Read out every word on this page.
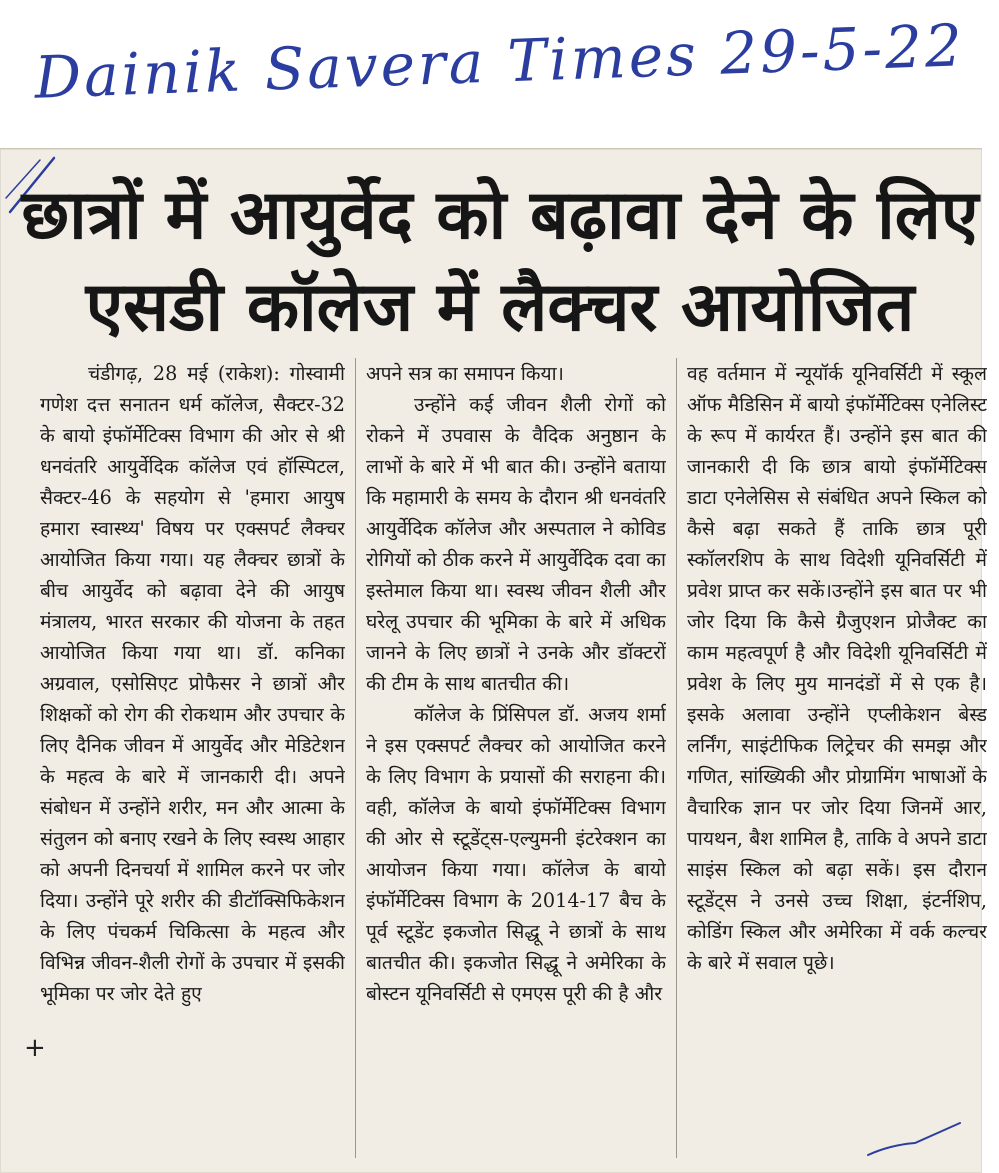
Dainik Savera Times 29-5-22
छात्रों में आयुर्वेद को बढ़ावा देने के लिए
एसडी कॉलेज में लैक्चर आयोजित

चंडीगढ़, 28 मई (राकेश): गोस्वामी गणेश दत्त सनातन धर्म कॉलेज, सैक्टर-32 के बायो इंफॉर्मेटिक्स विभाग की ओर से श्री धनवंतरि आयुर्वेदिक कॉलेज एवं हॉस्पिटल, सैक्टर-46 के सहयोग से 'हमारा आयुष हमारा स्वास्थ्य' विषय पर एक्सपर्ट लैक्चर आयोजित किया गया। यह लैक्चर छात्रों के बीच आयुर्वेद को बढ़ावा देने की आयुष मंत्रालय, भारत सरकार की योजना के तहत आयोजित किया गया था। डॉ. कनिका अग्रवाल, एसोसिएट प्रोफैसर ने छात्रों और शिक्षकों को रोग की रोकथाम और उपचार के लिए दैनिक जीवन में आयुर्वेद और मेडिटेशन के महत्व के बारे में जानकारी दी। अपने संबोधन में उन्होंने शरीर, मन और आत्मा के संतुलन को बनाए रखने के लिए स्वस्थ आहार को अपनी दिनचर्या में शामिल करने पर जोर दिया। उन्होंने पूरे शरीर की डीटॉक्सिफिकेशन के लिए पंचकर्म चिकित्सा के महत्व और विभिन्न जीवन-शैली रोगों के उपचार में इसकी भूमिका पर जोर देते हुए

अपने सत्र का समापन किया।

उन्होंने कई जीवन शैली रोगों को रोकने में उपवास के वैदिक अनुष्ठान के लाभों के बारे में भी बात की। उन्होंने बताया कि महामारी के समय के दौरान श्री धनवंतरि आयुर्वेदिक कॉलेज और अस्पताल ने कोविड रोगियों को ठीक करने में आयुर्वेदिक दवा का इस्तेमाल किया था। स्वस्थ जीवन शैली और घरेलू उपचार की भूमिका के बारे में अधिक जानने के लिए छात्रों ने उनके और डॉक्टरों की टीम के साथ बातचीत की।

कॉलेज के प्रिंसिपल डॉ. अजय शर्मा ने इस एक्सपर्ट लैक्चर को आयोजित करने के लिए विभाग के प्रयासों की सराहना की।वही, कॉलेज के बायो इंफॉर्मेटिक्स विभाग की ओर से स्टूडेंट्स-एल्युमनी इंटरेक्शन का आयोजन किया गया। कॉलेज के बायो इंफॉर्मेटिक्स विभाग के 2014-17 बैच के पूर्व स्टूडेंट इकजोत सिद्धू ने छात्रों के साथ बातचीत की। इकजोत सिद्धू ने अमेरिका के बोस्टन यूनिवर्सिटी से एमएस पूरी की है और

वह वर्तमान में न्यूयॉर्क यूनिवर्सिटी में स्कूल ऑफ मैडिसिन में बायो इंफॉर्मेटिक्स एनेलिस्ट के रूप में कार्यरत हैं। उन्होंने इस बात की जानकारी दी कि छात्र बायो इंफॉर्मेटिक्स डाटा एनेलेसिस से संबंधित अपने स्किल को कैसे बढ़ा सकते हैं ताकि छात्र पूरी स्कॉलरशिप के साथ विदेशी यूनिवर्सिटी में प्रवेश प्राप्त कर सकें।उन्होंने इस बात पर भी जोर दिया कि कैसे ग्रैजुएशन प्रोजैक्ट का काम महत्वपूर्ण है और विदेशी यूनिवर्सिटी में प्रवेश के लिए मुय मानदंडों में से एक है। इसके अलावा उन्होंने एप्लीकेशन बेस्ड लर्निंग, साइंटीफिक लिट्रेचर की समझ और गणित, सांख्यिकी और प्रोग्रामिंग भाषाओं के वैचारिक ज्ञान पर जोर दिया जिनमें आर, पायथन, बैश शामिल है, ताकि वे अपने डाटा साइंस स्किल को बढ़ा सकें। इस दौरान स्टूडेंट्स ने उनसे उच्च शिक्षा, इंटर्नशिप, कोडिंग स्किल और अमेरिका में वर्क कल्चर के बारे में सवाल पूछे।

+
